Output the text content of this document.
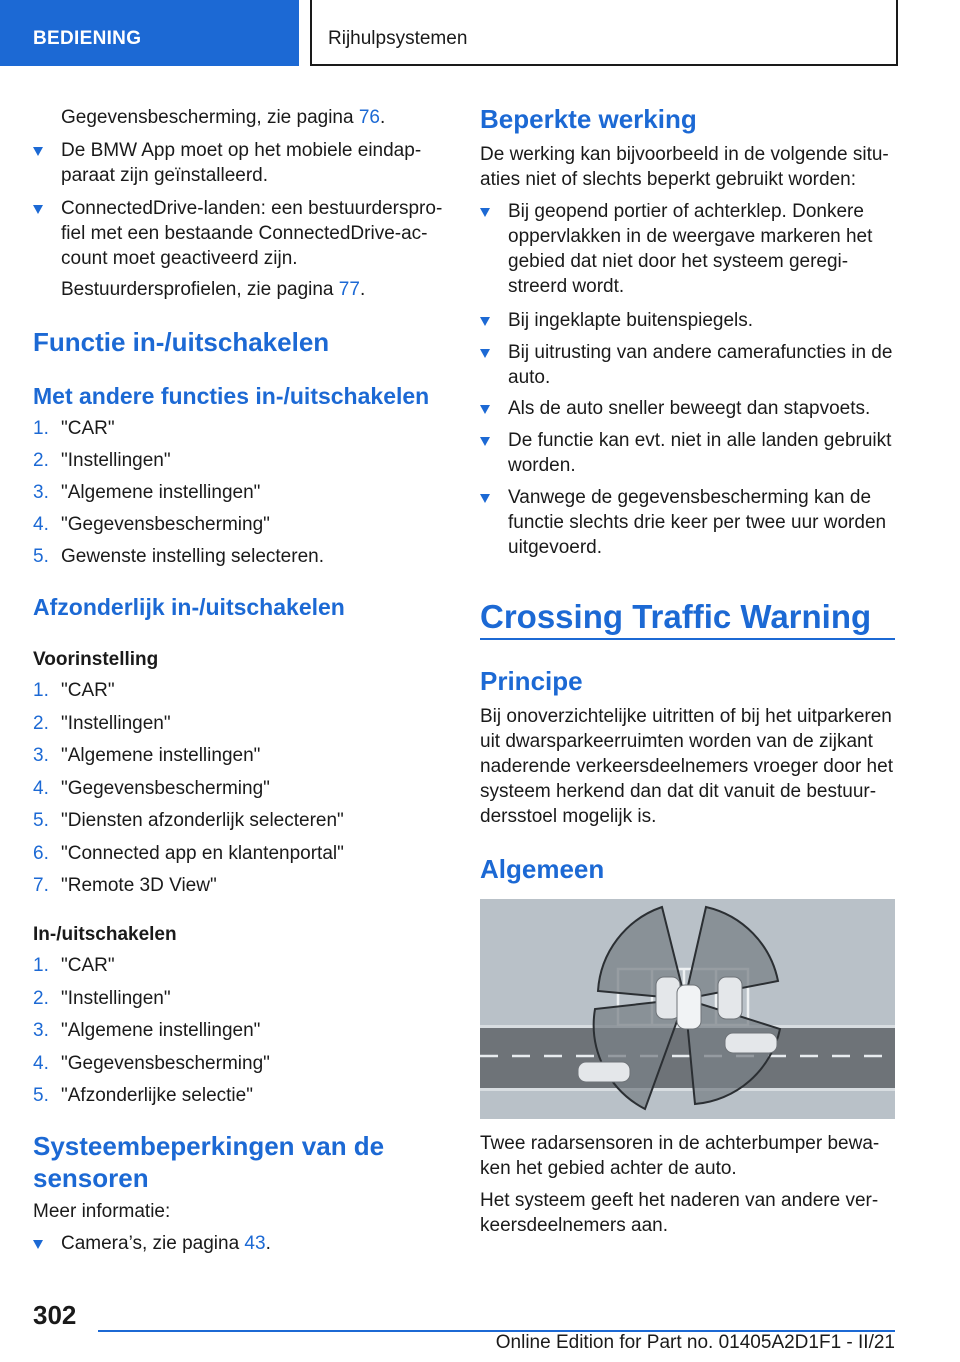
BEDIENING	Rijhulpsystemen
Gegevensbescherming, zie pagina 76.
De BMW App moet op het mobiele eindapparaat zijn geïnstalleerd.
ConnectedDrive-landen: een bestuurdersprofiel met een bestaande ConnectedDrive-account moet geactiveerd zijn.
Bestuurdersprofielen, zie pagina 77.
Functie in-/uitschakelen
Met andere functies in-/uitschakelen
1. "CAR"
2. "Instellingen"
3. "Algemene instellingen"
4. "Gegevensbescherming"
5. Gewenste instelling selecteren.
Afzonderlijk in-/uitschakelen
Voorinstelling
1. "CAR"
2. "Instellingen"
3. "Algemene instellingen"
4. "Gegevensbescherming"
5. "Diensten afzonderlijk selecteren"
6. "Connected app en klantenportal"
7. "Remote 3D View"
In-/uitschakelen
1. "CAR"
2. "Instellingen"
3. "Algemene instellingen"
4. "Gegevensbescherming"
5. "Afzonderlijke selectie"
Systeembeperkingen van de sensoren
Meer informatie:
Camera’s, zie pagina 43.
Beperkte werking
De werking kan bijvoorbeeld in de volgende situaties niet of slechts beperkt gebruikt worden:
Bij geopend portier of achterklep. Donkere oppervlakken in de weergave markeren het gebied dat niet door het systeem geregistreerd wordt.
Bij ingeklapte buitenspiegels.
Bij uitrusting van andere camerafuncties in de auto.
Als de auto sneller beweegt dan stapvoets.
De functie kan evt. niet in alle landen gebruikt worden.
Vanwege de gegevensbescherming kan de functie slechts drie keer per twee uur worden uitgevoerd.
Crossing Traffic Warning
Principe
Bij onoverzichtelijke uitritten of bij het uitparkeren uit dwarsparkeerruimten worden van de zijkant naderende verkeersdeelnemers vroeger door het systeem herkend dan dat dit vanuit de bestuurdersstoel mogelijk is.
Algemeen
Twee radarsensoren in de achterbumper bewaken het gebied achter de auto.
Het systeem geeft het naderen van andere verkeersdeelnemers aan.
302
Online Edition for Part no. 01405A2D1F1 - II/21
